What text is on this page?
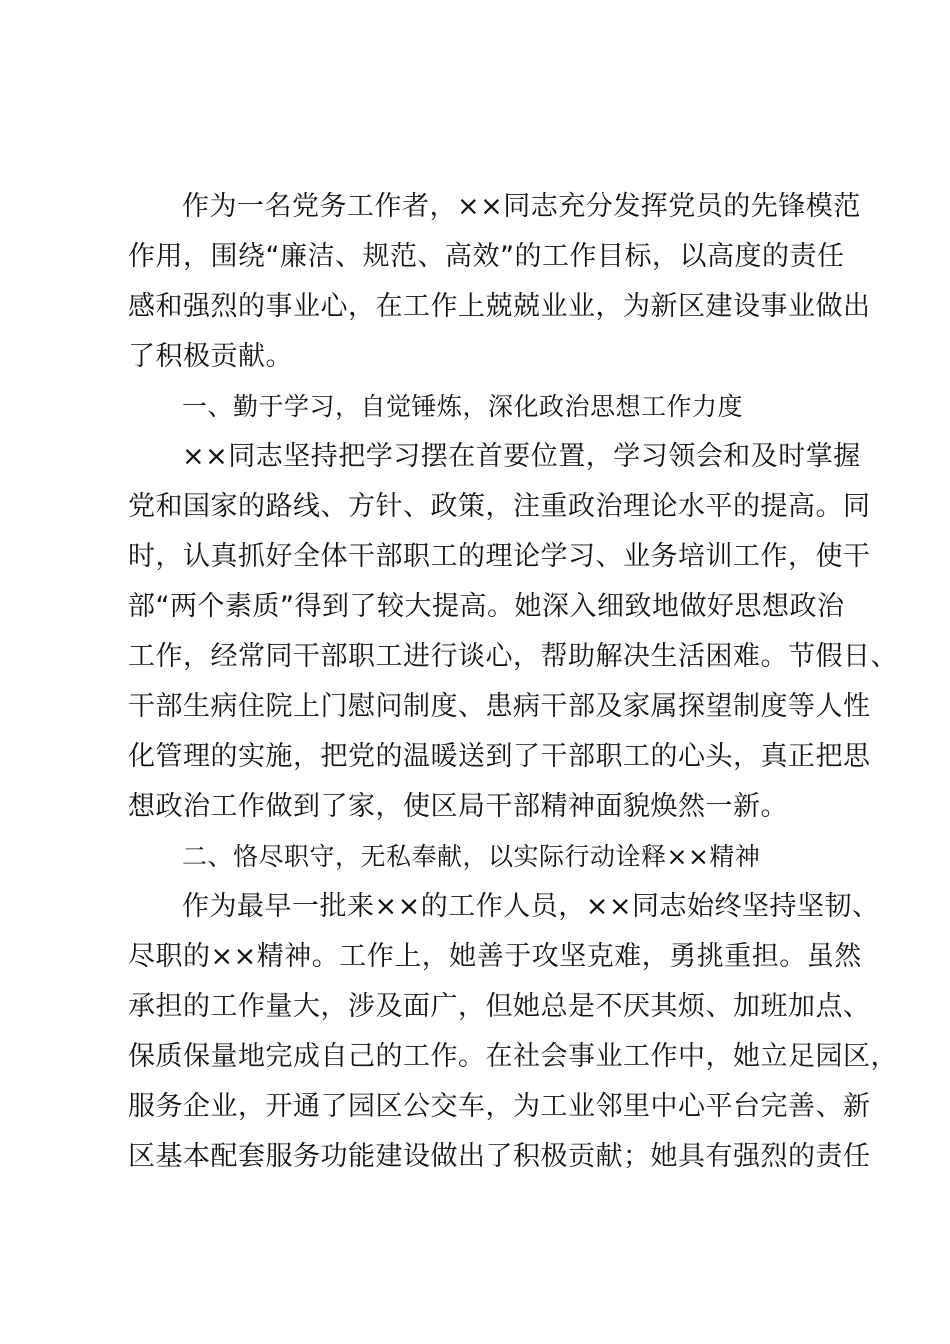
作为一名党务工作者，××同志充分发挥党员的先锋模范
作用，围绕“廉洁、规范、高效”的工作目标，以高度的责任
感和强烈的事业心，在工作上兢兢业业，为新区建设事业做出
了积极贡献。
一、勤于学习，自觉锤炼，深化政治思想工作力度
××同志坚持把学习摆在首要位置，学习领会和及时掌握
党和国家的路线、方针、政策，注重政治理论水平的提高。同
时，认真抓好全体干部职工的理论学习、业务培训工作，使干
部“两个素质”得到了较大提高。她深入细致地做好思想政治
工作，经常同干部职工进行谈心，帮助解决生活困难。节假日、
干部生病住院上门慰问制度、患病干部及家属探望制度等人性
化管理的实施，把党的温暖送到了干部职工的心头，真正把思
想政治工作做到了家，使区局干部精神面貌焕然一新。
二、恪尽职守，无私奉献，以实际行动诠释××精神
作为最早一批来××的工作人员，××同志始终坚持坚韧、
尽职的××精神。工作上，她善于攻坚克难，勇挑重担。虽然
承担的工作量大，涉及面广，但她总是不厌其烦、加班加点、
保质保量地完成自己的工作。在社会事业工作中，她立足园区，
服务企业，开通了园区公交车，为工业邻里中心平台完善、新
区基本配套服务功能建设做出了积极贡献；她具有强烈的责任
